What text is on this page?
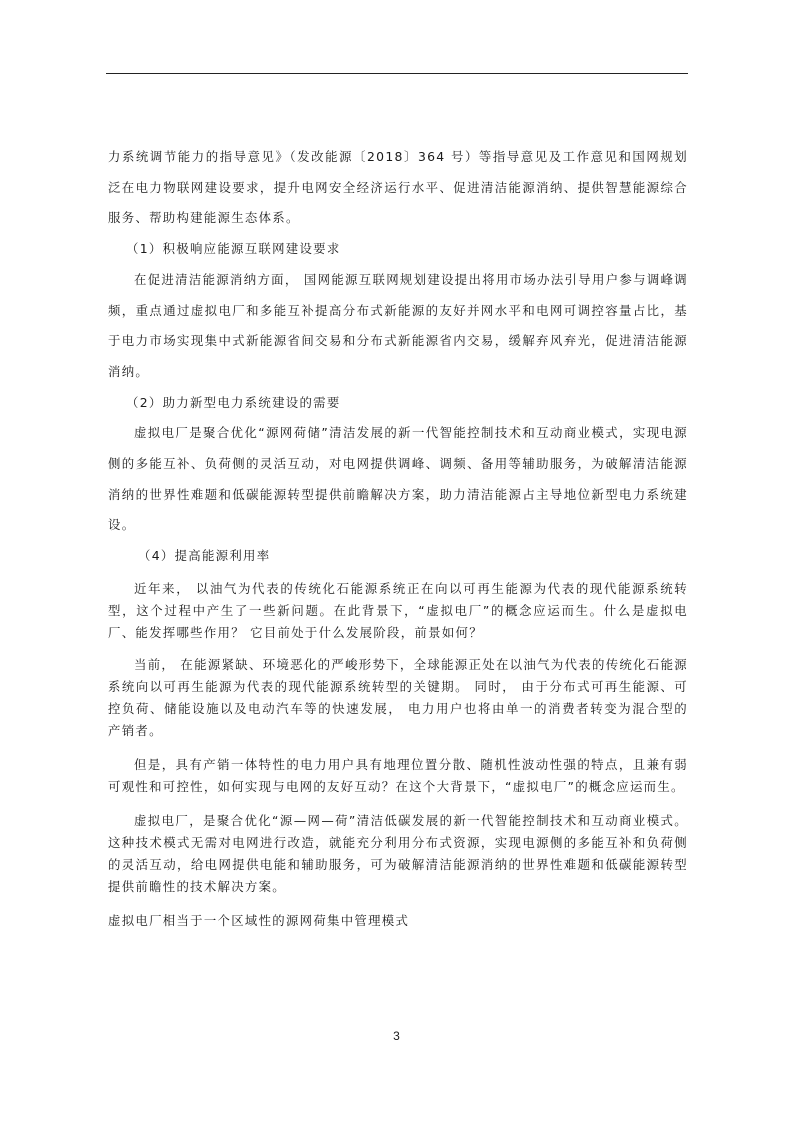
力系统调节能力的指导意见》（发改能源〔2018〕364 号）等指导意见及工作意见和国网规划泛在电力物联网建设要求，提升电网安全经济运行水平、促进清洁能源消纳、提供智慧能源综合服务、帮助构建能源生态体系。

（1）积极响应能源互联网建设要求

在促进清洁能源消纳方面， 国网能源互联网规划建设提出将用市场办法引导用户参与调峰调频，重点通过虚拟电厂和多能互补提高分布式新能源的友好并网水平和电网可调控容量占比，基于电力市场实现集中式新能源省间交易和分布式新能源省内交易，缓解弃风弃光，促进清洁能源消纳。

（2）助力新型电力系统建设的需要

虚拟电厂是聚合优化“源网荷储”清洁发展的新一代智能控制技术和互动商业模式，实现电源侧的多能互补、负荷侧的灵活互动，对电网提供调峰、调频、备用等辅助服务，为破解清洁能源消纳的世界性难题和低碳能源转型提供前瞻解决方案，助力清洁能源占主导地位新型电力系统建设。

（4）提高能源利用率

近年来， 以油气为代表的传统化石能源系统正在向以可再生能源为代表的现代能源系统转型，这个过程中产生了一些新问题。在此背景下，“虚拟电厂”的概念应运而生。什么是虚拟电厂、能发挥哪些作用？ 它目前处于什么发展阶段，前景如何？

当前， 在能源紧缺、环境恶化的严峻形势下，全球能源正处在以油气为代表的传统化石能源系统向以可再生能源为代表的现代能源系统转型的关键期。 同时， 由于分布式可再生能源、可控负荷、储能设施以及电动汽车等的快速发展， 电力用户也将由单一的消费者转变为混合型的产销者。

但是，具有产销一体特性的电力用户具有地理位置分散、随机性波动性强的特点，且兼有弱可观性和可控性，如何实现与电网的友好互动？在这个大背景下，“虚拟电厂”的概念应运而生。

虚拟电厂，是聚合优化“源—网—荷”清洁低碳发展的新一代智能控制技术和互动商业模式。这种技术模式无需对电网进行改造，就能充分利用分布式资源，实现电源侧的多能互补和负荷侧的灵活互动，给电网提供电能和辅助服务，可为破解清洁能源消纳的世界性难题和低碳能源转型提供前瞻性的技术解决方案。

虚拟电厂相当于一个区域性的源网荷集中管理模式

3
